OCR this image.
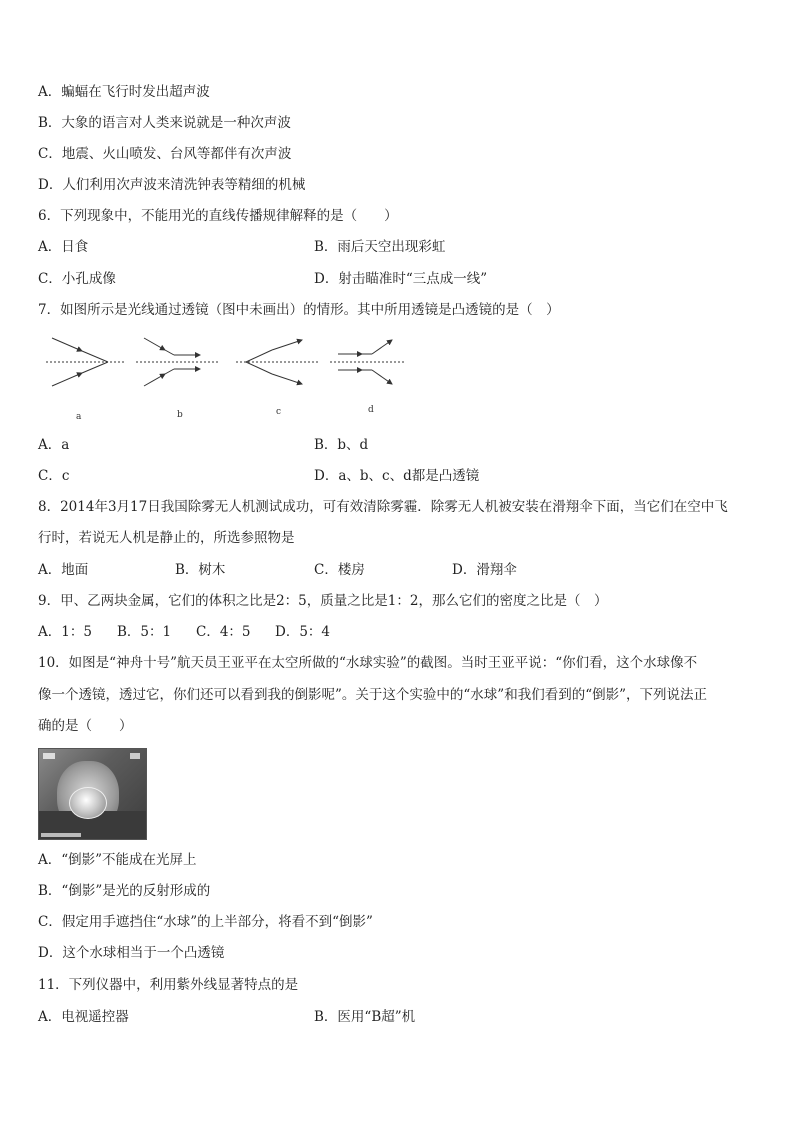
A．蝙蝠在飞行时发出超声波
B．大象的语言对人类来说就是一种次声波
C．地震、火山喷发、台风等都伴有次声波
D．人们利用次声波来清洗钟表等精细的机械
6．下列现象中，不能用光的直线传播规律解释的是（　　）
A．日食	B．雨后天空出现彩虹
C．小孔成像	D．射击瞄准时“三点成一线”
7．如图所示是光线通过透镜（图中未画出）的情形。其中所用透镜是凸透镜的是（　）
a	b	c	d
A．a	B．b、d
C．c	D．a、b、c、d都是凸透镜
8．2014年3月17日我国除雾无人机测试成功，可有效清除雾霾．除雾无人机被安装在滑翔伞下面，当它们在空中飞
行时，若说无人机是静止的，所选参照物是
A．地面	B．树木	C．楼房	D．滑翔伞
9．甲、乙两块金属，它们的体积之比是2：5，质量之比是1：2，那么它们的密度之比是（　）
A．1：5 B．5：1 C．4：5 D．5：4
10．如图是“神舟十号”航天员王亚平在太空所做的“水球实验”的截图。当时王亚平说：“你们看，这个水球像不
像一个透镜，透过它，你们还可以看到我的倒影呢”。关于这个实验中的“水球”和我们看到的“倒影”，下列说法正
确的是（　　）
A．“倒影”不能成在光屏上
B．“倒影”是光的反射形成的
C．假定用手遮挡住“水球”的上半部分，将看不到“倒影”
D．这个水球相当于一个凸透镜
11．下列仪器中，利用紫外线显著特点的是
A．电视遥控器	B．医用“B超”机
